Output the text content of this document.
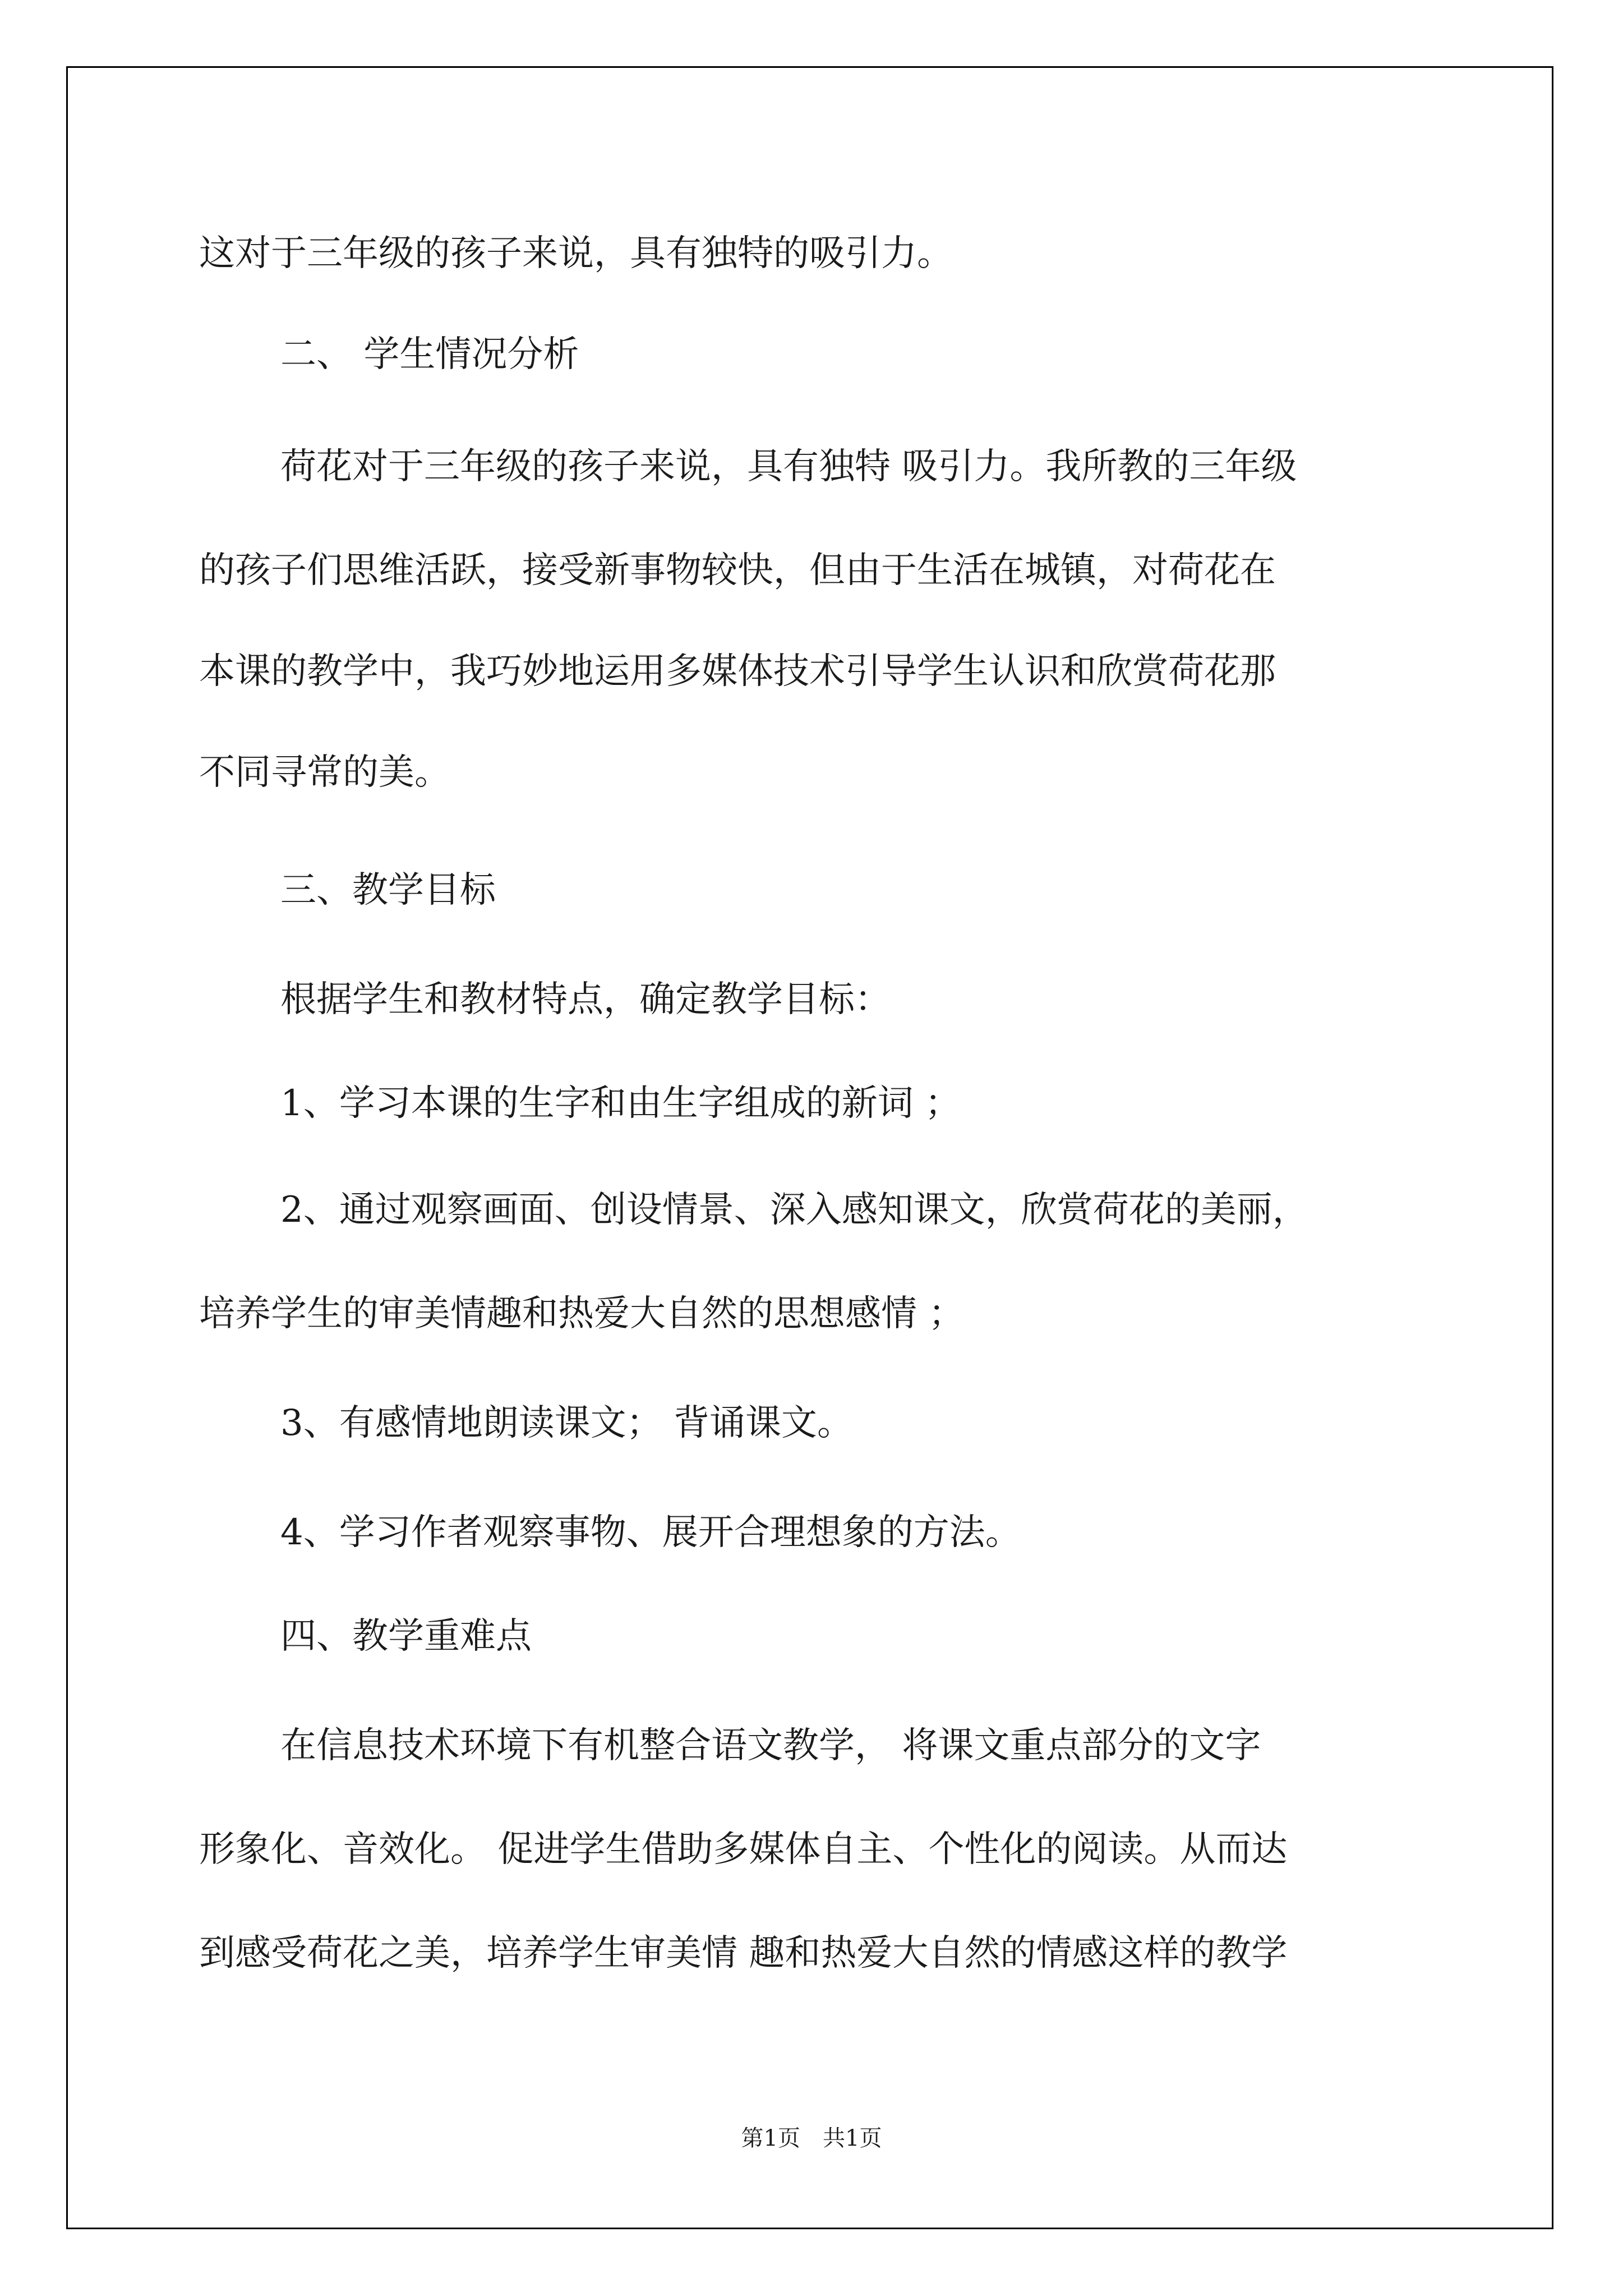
这对于三年级的孩子来说，具有独特的吸引力。

二、 学生情况分析

荷花对于三年级的孩子来说，具有独特 吸引力。我所教的三年级

的孩子们思维活跃，接受新事物较快，但由于生活在城镇，对荷花在

本课的教学中，我巧妙地运用多媒体技术引导学生认识和欣赏荷花那

不同寻常的美。

三、教学目标

根据学生和教材特点，确定教学目标：

1、学习本课的生字和由生字组成的新词 ；

2、通过观察画面、创设情景、深入感知课文，欣赏荷花的美丽，

培养学生的审美情趣和热爱大自然的思想感情 ；

3、有感情地朗读课文； 背诵课文。

4、学习作者观察事物、展开合理想象的方法。

四、教学重难点

在信息技术环境下有机整合语文教学， 将课文重点部分的文字

形象化、音效化。 促进学生借助多媒体自主、个性化的阅读。从而达

到感受荷花之美，培养学生审美情 趣和热爱大自然的情感这样的教学

第1页　共1页
